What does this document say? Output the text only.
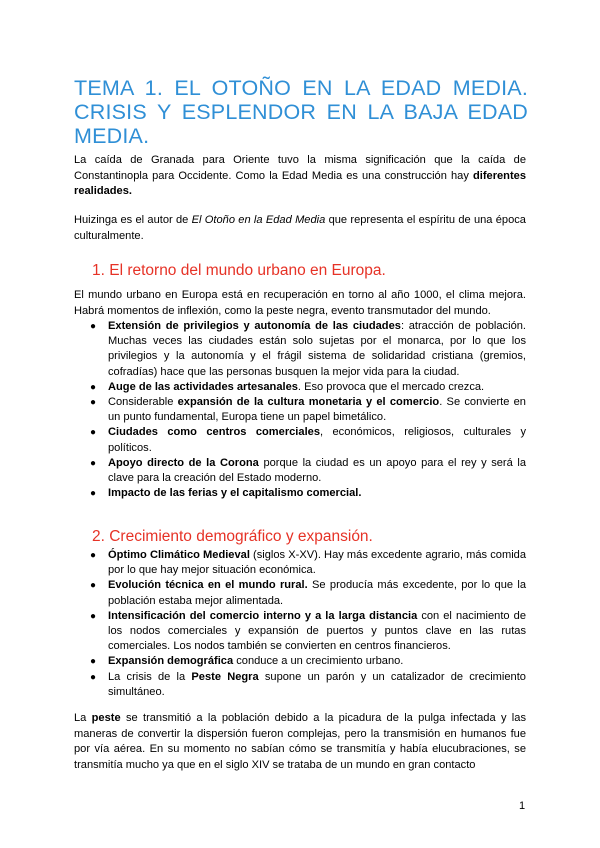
TEMA 1. EL OTOÑO EN LA EDAD MEDIA.
CRISIS Y ESPLENDOR EN LA BAJA EDAD
MEDIA.

La caída de Granada para Oriente tuvo la misma significación que la caída de Constantinopla para Occidente. Como la Edad Media es una construcción hay diferentes realidades.

Huizinga es el autor de El Otoño en la Edad Media que representa el espíritu de una época culturalmente.

1. El retorno del mundo urbano en Europa.

El mundo urbano en Europa está en recuperación en torno al año 1000, el clima mejora. Habrá momentos de inflexión, como la peste negra, evento transmutador del mundo.

● Extensión de privilegios y autonomía de las ciudades: atracción de población. Muchas veces las ciudades están solo sujetas por el monarca, por lo que los privilegios y la autonomía y el frágil sistema de solidaridad cristiana (gremios, cofradías) hace que las personas busquen la mejor vida para la ciudad.
● Auge de las actividades artesanales. Eso provoca que el mercado crezca.
● Considerable expansión de la cultura monetaria y el comercio. Se convierte en un punto fundamental, Europa tiene un papel bimetálico.
● Ciudades como centros comerciales, económicos, religiosos, culturales y políticos.
● Apoyo directo de la Corona porque la ciudad es un apoyo para el rey y será la clave para la creación del Estado moderno.
● Impacto de las ferias y el capitalismo comercial.
2. Crecimiento demográfico y expansión.
● Óptimo Climático Medieval (siglos X-XV). Hay más excedente agrario, más comida por lo que hay mejor situación económica.
● Evolución técnica en el mundo rural. Se producía más excedente, por lo que la población estaba mejor alimentada.
● Intensificación del comercio interno y a la larga distancia con el nacimiento de los nodos comerciales y expansión de puertos y puntos clave en las rutas comerciales. Los nodos también se convierten en centros financieros.
● Expansión demográfica conduce a un crecimiento urbano.
● La crisis de la Peste Negra supone un parón y un catalizador de crecimiento simultáneo.

La peste se transmitió a la población debido a la picadura de la pulga infectada y las maneras de convertir la dispersión fueron complejas, pero la transmisión en humanos fue por vía aérea. En su momento no sabían cómo se transmitía y había elucubraciones, se transmitía mucho ya que en el siglo XIV se trataba de un mundo en gran contacto

1
